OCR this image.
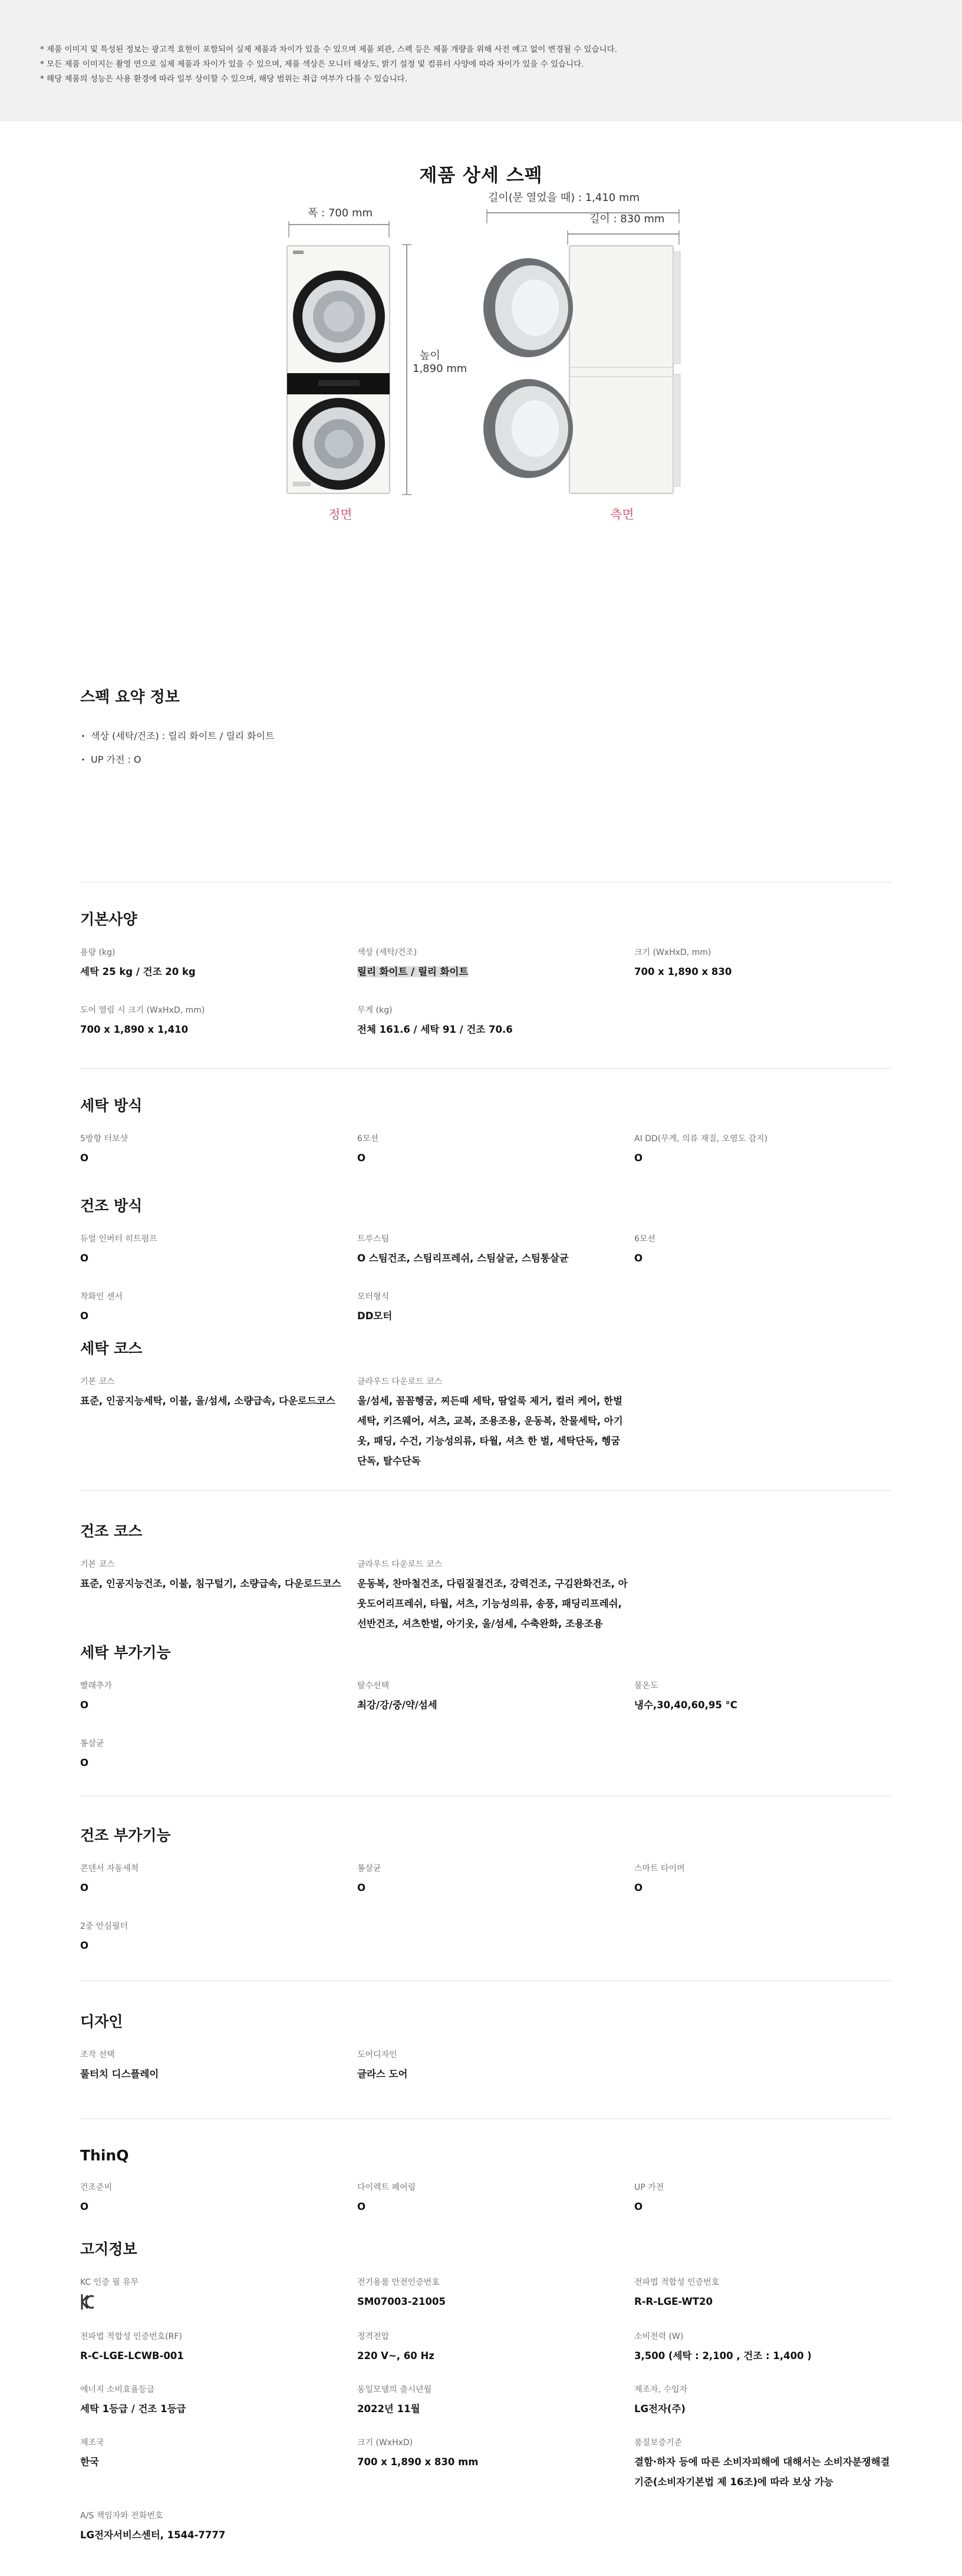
* 제품 이미지 및 특성된 정보는 광고적 효현이 포함되어 실제 제품과 차이가 있을 수 있으며 제품 외관, 스펙 등은 제품 개량을 위해 사전 예고 없이 변경될 수 있습니다.

* 모든 제품 이미지는 촬영 연으로 실제 제품과 차이가 있을 수 있으며, 제품 색상은 모니터 해상도, 밝기 설정 및 컴퓨터 사양에 따라 차이가 있을 수 있습니다.

* 해당 제품의 성능은 사용 환경에 따라 일부 상이할 수 있으며, 해당 범위는 취급 여부가 다를 수 있습니다.

제품 상세 스펙
폭 : 700 mm
높이
1,890 mm
길이(문 열었을 때) : 1,410 mm
길이 : 830 mm
정면	측면
스펙 요약 정보
· 색상 (세탁/건조) : 릴리 화이트 / 릴리 화이트
· UP 가전 : O
기본사양
용량 (kg)
세탁 25 kg / 건조 20 kg
색상 (세탁/건조)
릴리 화이트 / 릴리 화이트
크기 (WxHxD, mm)
700 x 1,890 x 830
도어 열림 시 크기 (WxHxD, mm)
700 x 1,890 x 1,410
무게 (kg)
전체 161.6 / 세탁 91 / 건조 70.6
세탁 방식
5방향 터보샷
O
6모션
O
AI DD(무게, 의류 재질, 오염도 감지)
O
건조 방식
듀얼 인버터 히트펌프
O
트루스팀
O 스팀건조, 스팀리프레쉬, 스팀살균, 스팀통살균
6모션
O
착화인 센서
O
모터형식
DD모터
세탁 코스
기본 코스
표준, 인공지능세탁, 이불, 울/섬세, 소량급속, 다운로드코스
클라우드 다운로드 코스
울/섬세, 꼼꼼헹굼, 찌든때 세탁, 땀얼룩 제거, 컬러 케어, 한벌 세탁, 키즈웨어, 셔츠, 교복, 조용조용, 운동복, 찬물세탁, 아기옷, 패딩, 수건, 기능성의류, 타월, 셔츠 한 벌, 세탁단독, 헹굼단독, 탈수단독
건조 코스
기본 코스
표준, 인공지능건조, 이불, 침구털기, 소량급속, 다운로드코스
클라우드 다운로드 코스
운동복, 찬마철건조, 다림질절건조, 강력건조, 구김완화건조, 아웃도어리프레쉬, 타월, 셔츠, 기능성의류, 송풍, 패딩리프레쉬, 선반건조, 셔츠한벌, 아기옷, 울/섬세, 수축완화, 조용조용
세탁 부가기능
빨래추가
O
탈수선택
최강/강/중/약/섬세
물온도
냉수,30,40,60,95 °C
통살균
O
건조 부가기능
콘덴서 자동세척
O
통살균
O
스마트 타이머
O
2중 안심필터
O
디자인
조작 선택
풀터치 디스플레이
도어디자인
글라스 도어
ThinQ
건조준비
O
다이렉트 페어링
O
UP 가전
O
고지정보
KC 인증 필 유무	전기용품 안전인증번호
SM07003-21005
전파법 적합성 인증번호
R-R-LGE-WT20
전파법 적합성 인증번호(RF)
R-C-LGE-LCWB-001
정격전압
220 V~, 60 Hz
소비전력 (W)
3,500 (세탁 : 2,100 , 건조 : 1,400 )
에너지 소비효율등급
세탁 1등급 / 건조 1등급
동일모델의 출시년월
2022년 11월
제조자, 수입자
LG전자(주)
제조국
한국
크기 (WxHxD)
700 x 1,890 x 830 mm
품질보증기준
결함·하자 등에 따른 소비자피해에 대해서는 소비자분쟁해결기준(소비자기본법 제 16조)에 따라 보상 가능
A/S 책임자와 전화번호
LG전자서비스센터, 1544-7777
